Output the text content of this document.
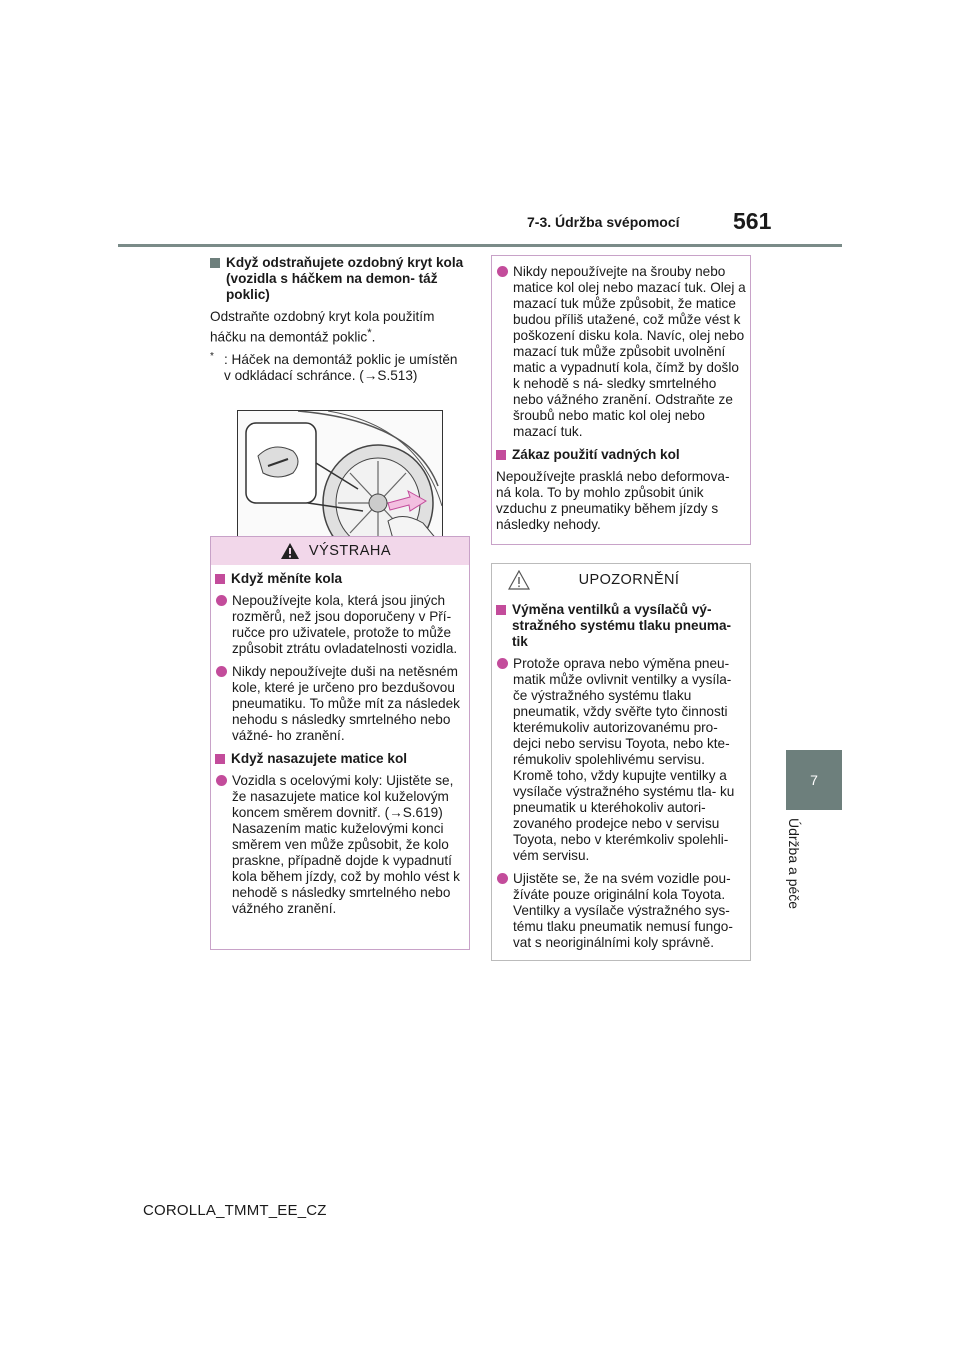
7-3. Údržba svépomocí 561
7
Údržba a péče
Když odstraňujete ozdobný kryt kola (vozidla s háčkem na demon- táž poklic)
Odstraňte ozdobný kryt kola použitím háčku na demontáž poklic*.
* : Háček na demontáž poklic je umístěn v odkládací schránce. (→S.513)
VÝSTRAHA
Když měníte kola
Nepoužívejte kola, která jsou jiných rozměrů, než jsou doporučeny v Pří- ručce pro uživatele, protože to může způsobit ztrátu ovladatelnosti vozidla.
Nikdy nepoužívejte duši na netěsném kole, které je určeno pro bezdušovou pneumatiku. To může mít za následek nehodu s následky smrtelného nebo vážné- ho zranění.
Když nasazujete matice kol
Vozidla s ocelovými koly: Ujistěte se, že nasazujete matice kol kuželovým koncem směrem dovnitř. (→S.619) Nasazením matic kuželovými konci směrem ven může způsobit, že kolo praskne, případně dojde k vypadnutí kola během jízdy, což by mohlo vést k nehodě s následky smrtelného nebo vážného zranění.
Nikdy nepoužívejte na šrouby nebo matice kol olej nebo mazací tuk. Olej a mazací tuk může způsobit, že matice budou příliš utažené, což může vést k poškození disku kola. Navíc, olej nebo mazací tuk může způsobit uvolnění matic a vypadnutí kola, čímž by došlo k nehodě s ná- sledky smrtelného nebo vážného zranění. Odstraňte ze šroubů nebo matic kol olej nebo mazací tuk.
Zákaz použití vadných kol
Nepoužívejte prasklá nebo deformova- ná kola. To by mohlo způsobit únik vzduchu z pneumatiky během jízdy s následky nehody.
UPOZORNĚNÍ
Výměna ventilků a vysílačů vý- stražného systému tlaku pneuma- tik
Protože oprava nebo výměna pneu- matik může ovlivnit ventilky a vysíla- če výstražného systému tlaku pneumatik, vždy svěřte tyto činnosti kterémukoliv autorizovanému pro- dejci nebo servisu Toyota, nebo kte- rémukoliv spolehlivému servisu. Kromě toho, vždy kupujte ventilky a vysílače výstražného systému tla- ku pneumatik u kteréhokoliv autori- zovaného prodejce nebo v servisu Toyota, nebo v kterémkoliv spolehli- vém servisu.
Ujistěte se, že na svém vozidle pou- žíváte pouze originální kola Toyota. Ventilky a vysílače výstražného sys- tému tlaku pneumatik nemusí fungo- vat s neoriginálními koly správně.
COROLLA_TMMT_EE_CZ
